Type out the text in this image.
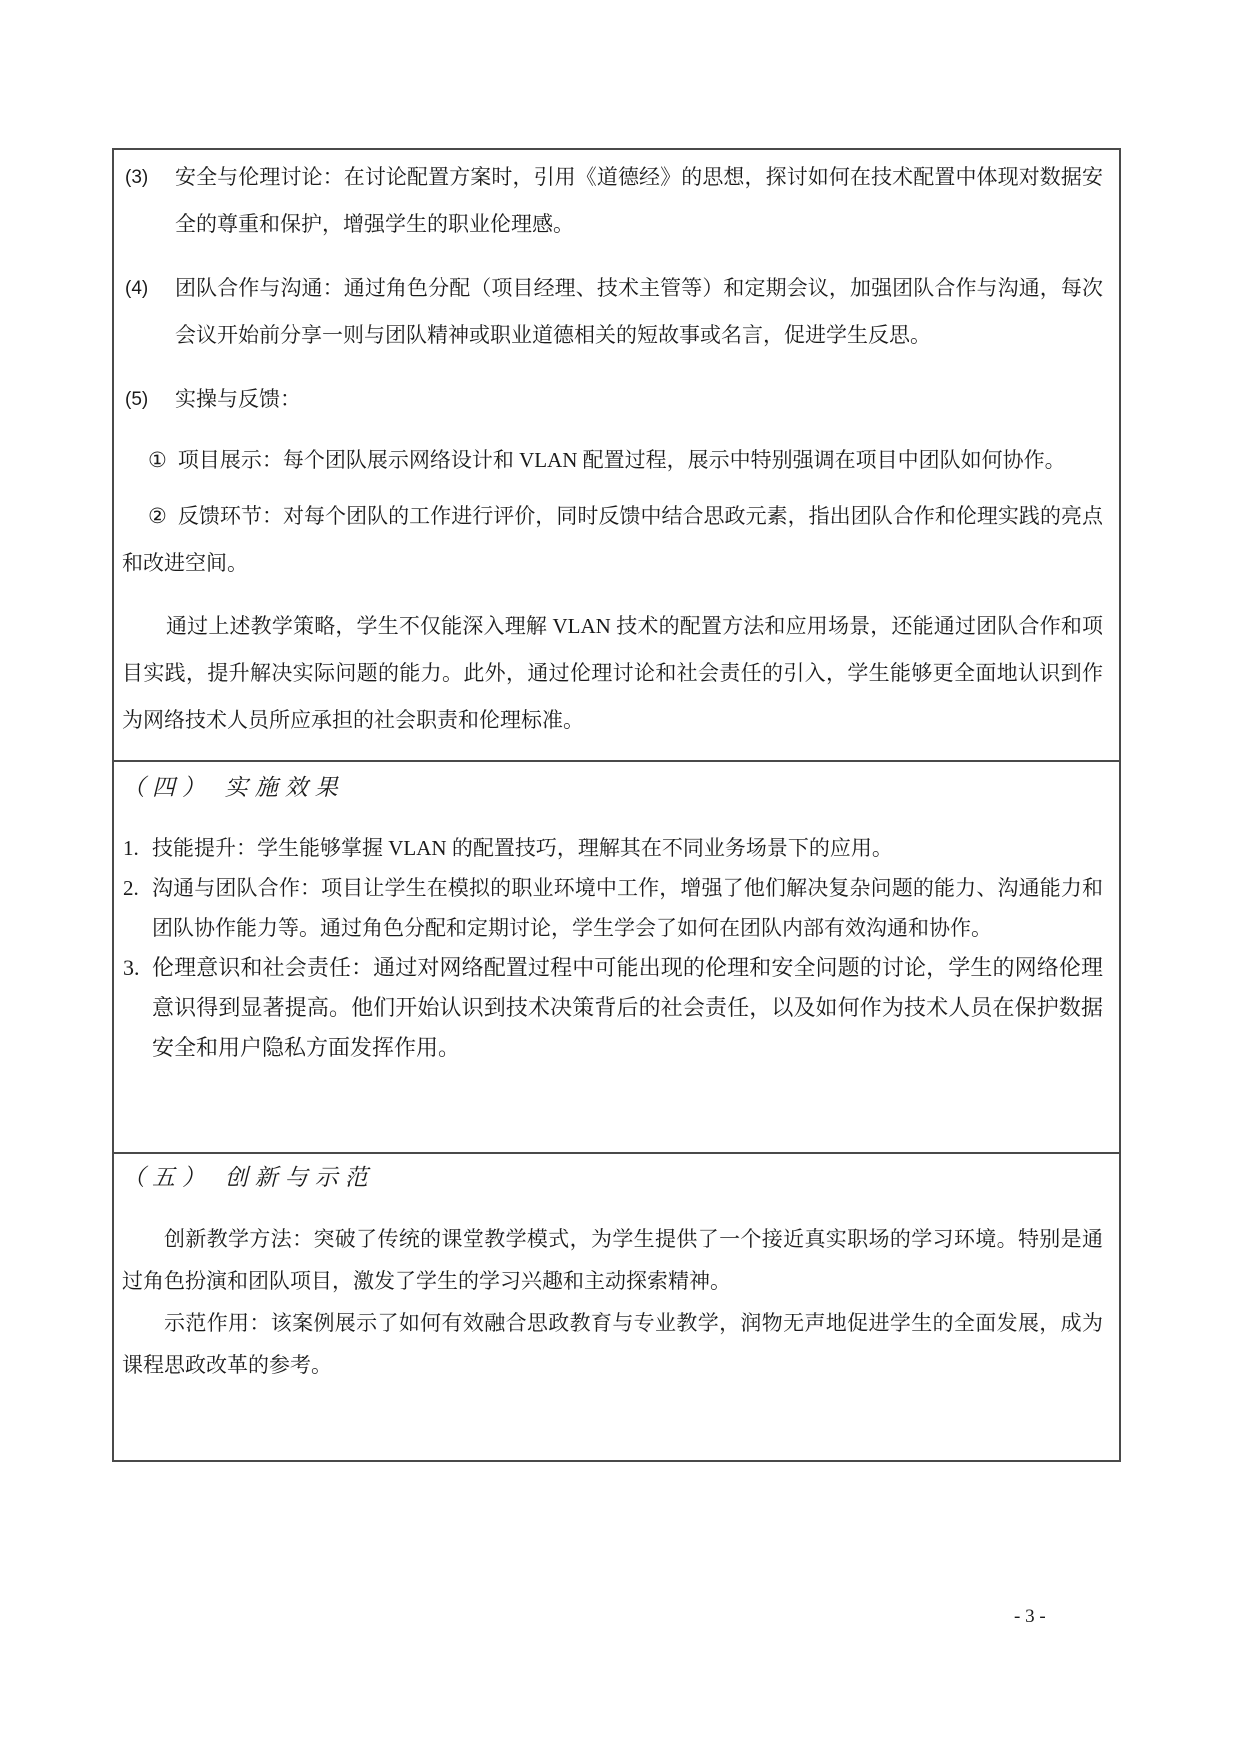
(3) 安全与伦理讨论：在讨论配置方案时，引用《道德经》的思想，探讨如何在技术配置中体现对数据安全的尊重和保护，增强学生的职业伦理感。
(4) 团队合作与沟通：通过角色分配（项目经理、技术主管等）和定期会议，加强团队合作与沟通，每次会议开始前分享一则与团队精神或职业道德相关的短故事或名言，促进学生反思。
(5) 实操与反馈：
① 项目展示：每个团队展示网络设计和 VLAN 配置过程，展示中特别强调在项目中团队如何协作。
② 反馈环节：对每个团队的工作进行评价，同时反馈中结合思政元素，指出团队合作和伦理实践的亮点和改进空间。

通过上述教学策略，学生不仅能深入理解 VLAN 技术的配置方法和应用场景，还能通过团队合作和项目实践，提升解决实际问题的能力。此外，通过伦理讨论和社会责任的引入，学生能够更全面地认识到作为网络技术人员所应承担的社会职责和伦理标准。

（四） 实施效果
1. 技能提升：学生能够掌握 VLAN 的配置技巧，理解其在不同业务场景下的应用。
2. 沟通与团队合作：项目让学生在模拟的职业环境中工作，增强了他们解决复杂问题的能力、沟通能力和团队协作能力等。通过角色分配和定期讨论，学生学会了如何在团队内部有效沟通和协作。
3. 伦理意识和社会责任：通过对网络配置过程中可能出现的伦理和安全问题的讨论，学生的网络伦理意识得到显著提高。他们开始认识到技术决策背后的社会责任，以及如何作为技术人员在保护数据安全和用户隐私方面发挥作用。
（五） 创新与示范

创新教学方法：突破了传统的课堂教学模式，为学生提供了一个接近真实职场的学习环境。特别是通过角色扮演和团队项目，激发了学生的学习兴趣和主动探索精神。

示范作用：该案例展示了如何有效融合思政教育与专业教学，润物无声地促进学生的全面发展，成为课程思政改革的参考。

- 3 -
